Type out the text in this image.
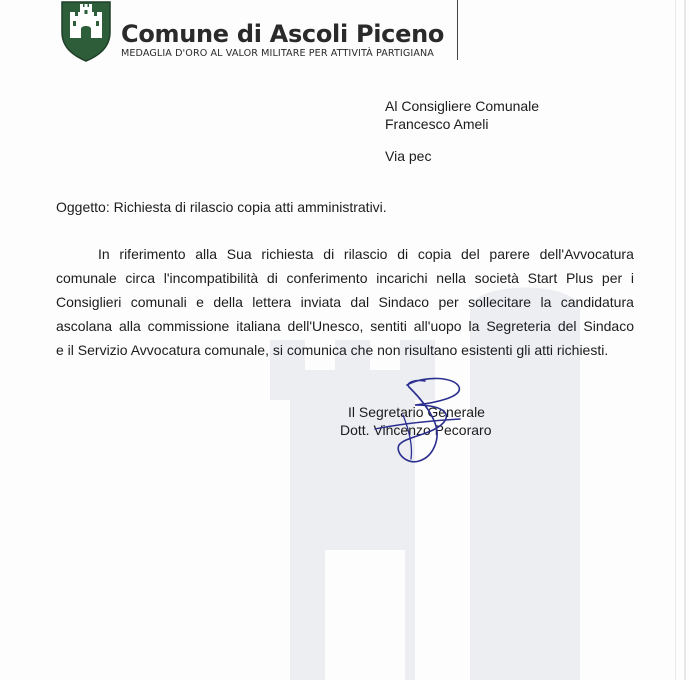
Comune di Ascoli Piceno
MEDAGLIA D'ORO AL VALOR MILITARE PER ATTIVITÀ PARTIGIANA
Al Consigliere Comunale
Francesco Ameli
Via pec
Oggetto: Richiesta di rilascio copia atti amministrativi.
In riferimento alla Sua richiesta di rilascio di copia del parere dell'Avvocatura
comunale circa l'incompatibilità di conferimento incarichi nella società Start Plus per i
Consiglieri comunali e della lettera inviata dal Sindaco per sollecitare la candidatura
ascolana alla commissione italiana dell'Unesco, sentiti all'uopo la Segreteria del Sindaco
e il Servizio Avvocatura comunale, si comunica che non risultano esistenti gli atti richiesti.
Il Segretario Generale
Dott. Vincenzo Pecoraro
